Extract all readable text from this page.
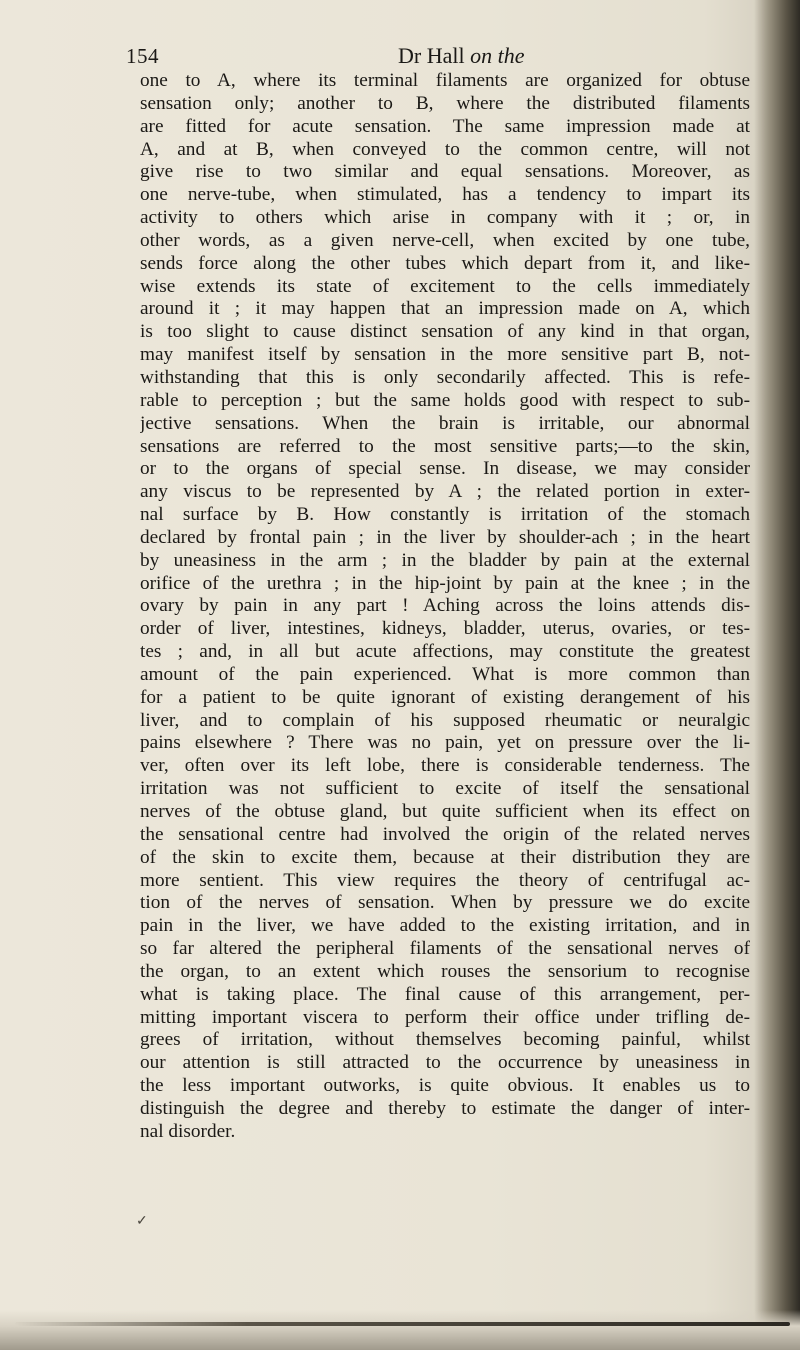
154	Dr Hall on the
✓
one to A, where its terminal filaments are organized for obtuse
sensation only; another to B, where the distributed filaments
are fitted for acute sensation. The same impression made at
A, and at B, when conveyed to the common centre, will not
give rise to two similar and equal sensations. Moreover, as
one nerve-tube, when stimulated, has a tendency to impart its
activity to others which arise in company with it ; or, in
other words, as a given nerve-cell, when excited by one tube,
sends force along the other tubes which depart from it, and like-
wise extends its state of excitement to the cells immediately
around it ; it may happen that an impression made on A, which
is too slight to cause distinct sensation of any kind in that organ,
may manifest itself by sensation in the more sensitive part B, not-
withstanding that this is only secondarily affected. This is refe-
rable to perception ; but the same holds good with respect to sub-
jective sensations. When the brain is irritable, our abnormal
sensations are referred to the most sensitive parts;—to the skin,
or to the organs of special sense. In disease, we may consider
any viscus to be represented by A ; the related portion in exter-
nal surface by B. How constantly is irritation of the stomach
declared by frontal pain ; in the liver by shoulder-ach ; in the heart
by uneasiness in the arm ; in the bladder by pain at the external
orifice of the urethra ; in the hip-joint by pain at the knee ; in the
ovary by pain in any part ! Aching across the loins attends dis-
order of liver, intestines, kidneys, bladder, uterus, ovaries, or tes-
tes ; and, in all but acute affections, may constitute the greatest
amount of the pain experienced. What is more common than
for a patient to be quite ignorant of existing derangement of his
liver, and to complain of his supposed rheumatic or neuralgic
pains elsewhere ? There was no pain, yet on pressure over the li-
ver, often over its left lobe, there is considerable tenderness. The
irritation was not sufficient to excite of itself the sensational
nerves of the obtuse gland, but quite sufficient when its effect on
the sensational centre had involved the origin of the related nerves
of the skin to excite them, because at their distribution they are
more sentient. This view requires the theory of centrifugal ac-
tion of the nerves of sensation. When by pressure we do excite
pain in the liver, we have added to the existing irritation, and in
so far altered the peripheral filaments of the sensational nerves of
the organ, to an extent which rouses the sensorium to recognise
what is taking place. The final cause of this arrangement, per-
mitting important viscera to perform their office under trifling de-
grees of irritation, without themselves becoming painful, whilst
our attention is still attracted to the occurrence by uneasiness in
the less important outworks, is quite obvious. It enables us to
distinguish the degree and thereby to estimate the danger of inter-
nal disorder.
